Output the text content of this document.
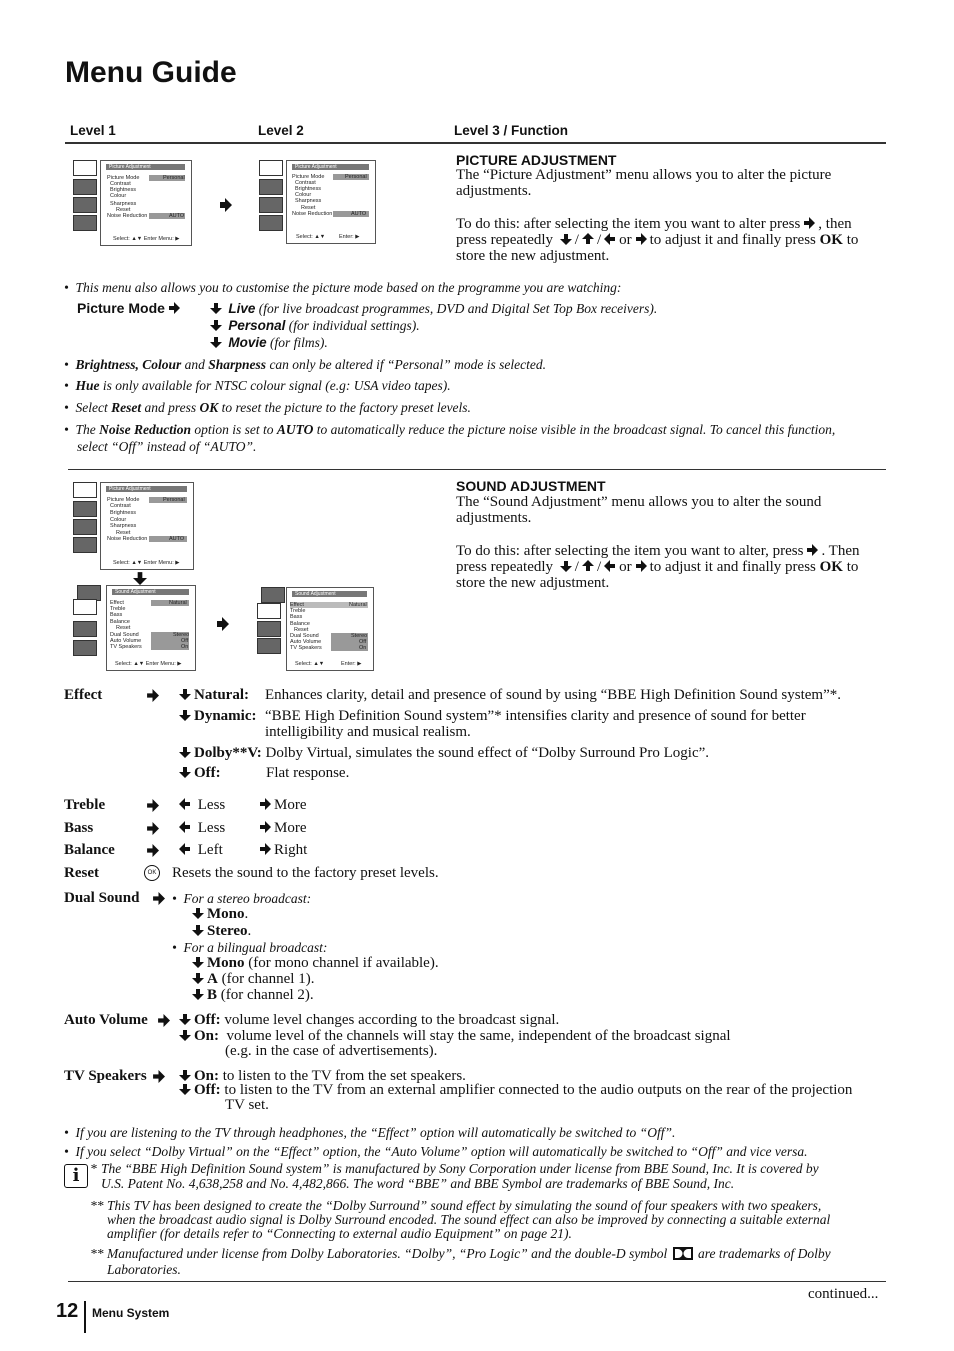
Menu Guide
Level 1	Level 2	Level 3 / Function
Picture Adjustment
Picture Mode	Personal
Contrast
Brightness
Colour
Sharpness
Reset
Noise Reduction	AUTO
Select: ▲▼ Enter Menu: ▶
Picture Adjustment
Picture Mode	Personal
Contrast
Brightness
Colour
Sharpness
Reset
Noise Reduction	AUTO
Select: ▲▼	Enter: ▶
PICTURE ADJUSTMENT
The “Picture Adjustment” menu allows you to alter the picture adjustments.
To do this: after selecting the item you want to alter press , then press repeatedly / / or to adjust it and finally press OK to store the new adjustment.
•  This menu also allows you to customise the picture mode based on the programme you are watching:
Picture Mode	Live (for live broadcast programmes, DVD and Digital Set Top Box receivers).
Personal (for individual settings).
Movie (for films).
•  Brightness, Colour and Sharpness can only be altered if “Personal” mode is selected.
•  Hue is only available for NTSC colour signal (e.g: USA video tapes).
•  Select Reset and press OK to reset the picture to the factory preset levels.
•  The Noise Reduction option is set to AUTO to automatically reduce the picture noise visible in the broadcast signal. To cancel this function,
select “Off” instead of “AUTO”.
Picture Adjustment
Picture Mode	Personal
Contrast
Brightness
Colour
Sharpness
Reset
Noise Reduction	AUTO
Select: ▲▼ Enter Menu: ▶
Sound Adjustment
Effect	Natural
Treble
Bass
Balance
Reset
Dual Sound	Stereo
Auto Volume	Off
TV Speakers	On
Select: ▲▼ Enter Menu: ▶
Sound Adjustment
Effect	Natural
Treble
Bass
Balance
Reset
Dual Sound	Stereo
Auto Volume	Off
TV Speakers	On
Select: ▲▼	Enter: ▶
SOUND ADJUSTMENT
The “Sound Adjustment” menu allows you to alter the sound adjustments.
To do this: after selecting the item you want to alter, press . Then press repeatedly / / or to adjust it and finally press OK to store the new adjustment.
Effect	Natural: Enhances clarity, detail and presence of sound by using “BBE High Definition Sound system”*.
Dynamic: “BBE High Definition Sound system”* intensifies clarity and presence of sound for better
intelligibility and musical realism.
Dolby**V: Dolby Virtual, simulates the sound effect of “Dolby Surround Pro Logic”.
Off:	Flat response.
Treble	Less	More
Bass	Less	More
Balance	Left	Right
Reset	OK Resets the sound to the factory preset levels.
Dual Sound •  For a stereo broadcast:
Mono.
Stereo.
•  For a bilingual broadcast:
Mono (for mono channel if available).
A (for channel 1).
B (for channel 2).
Auto Volume	Off: volume level changes according to the broadcast signal.
On: volume level of the channels will stay the same, independent of the broadcast signal
(e.g. in the case of advertisements).
TV Speakers	On: to listen to the TV from the set speakers.
Off: to listen to the TV from an external amplifier connected to the audio outputs on the rear of the projection
TV set.
•  If you are listening to the TV through headphones, the “Effect” option will automatically be switched to “Off”.
•  If you select “Dolby Virtual” on the “Effect” option, the “Auto Volume” option will automatically be switched to “Off” and vice versa.
i * The “BBE High Definition Sound system” is manufactured by Sony Corporation under license from BBE Sound, Inc. It is covered by
U.S. Patent No. 4,638,258 and No. 4,482,866. The word “BBE” and BBE Symbol are trademarks of BBE Sound, Inc.
** This TV has been designed to create the “Dolby Surround” sound effect by simulating the sound of four speakers with two speakers,
when the broadcast audio signal is Dolby Surround encoded. The sound effect can also be improved by connecting a suitable external
amplifier (for details refer to “Connecting to external audio Equipment” on page 21).
** Manufactured under license from Dolby Laboratories. “Dolby”, “Pro Logic” and the double-D symbol are trademarks of Dolby
Laboratories.
continued...
12 Menu System
